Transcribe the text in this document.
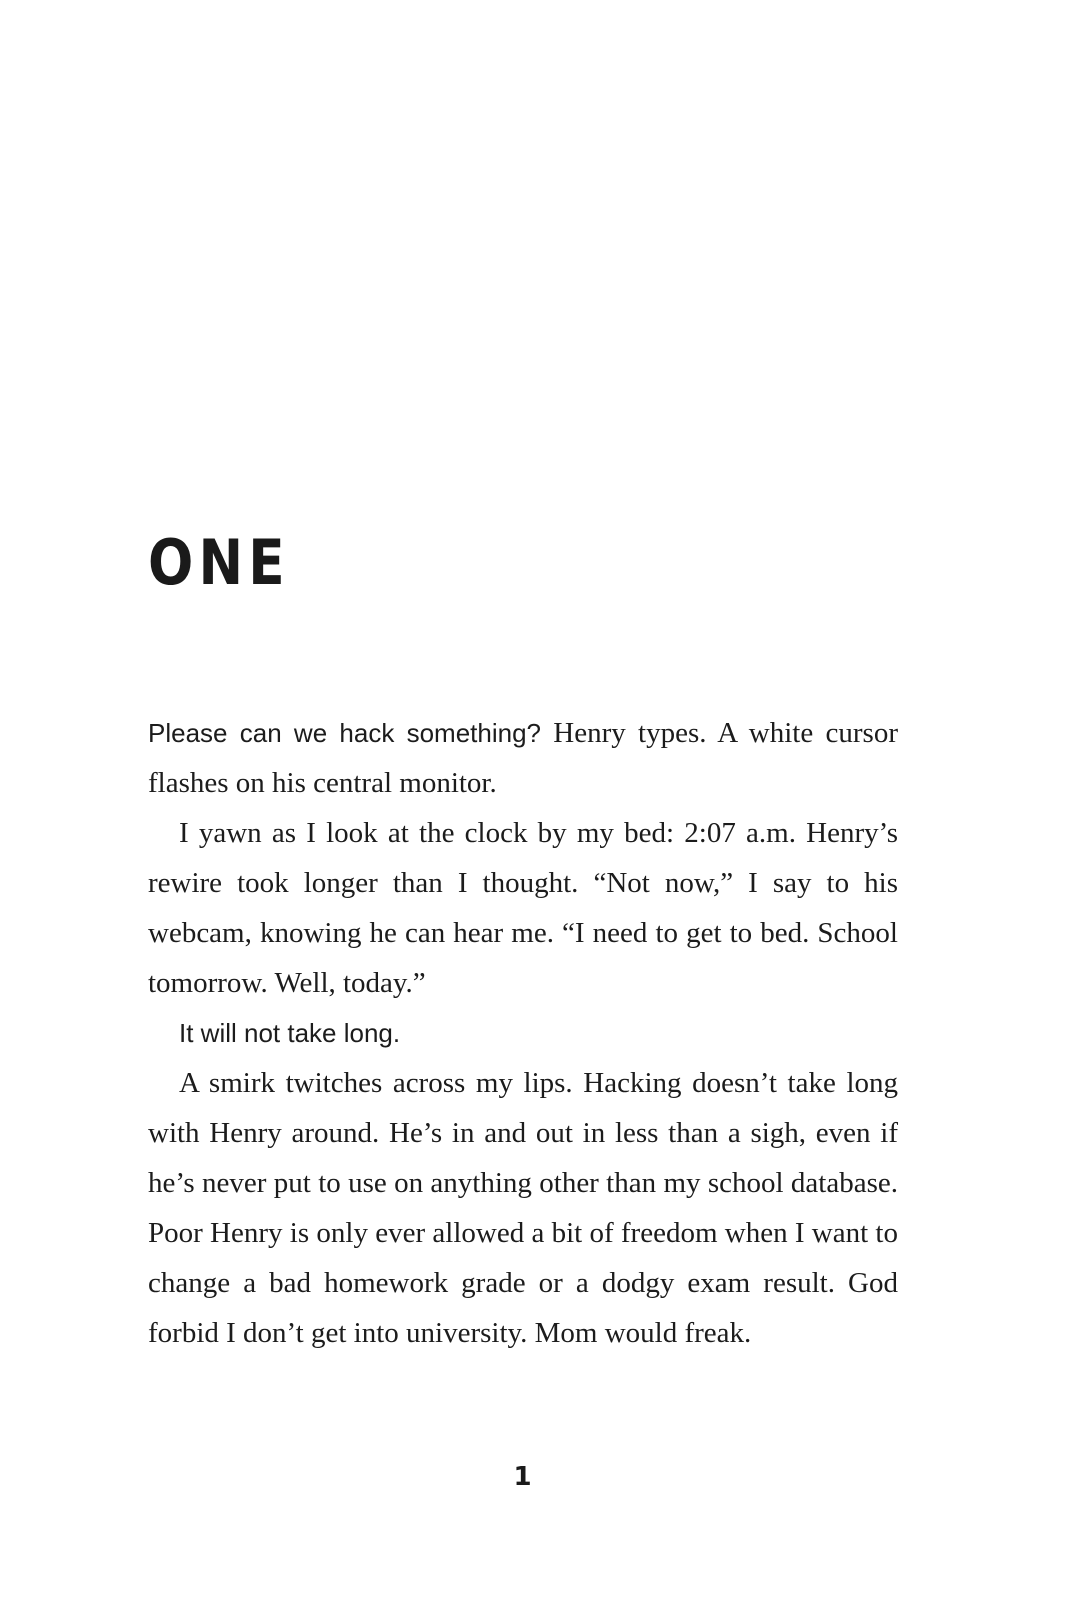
ONE

Please can we hack something? Henry types. A white cursor flashes on his central monitor.

I yawn as I look at the clock by my bed: 2:07 a.m. Henry’s rewire took longer than I thought. “Not now,” I say to his webcam, knowing he can hear me. “I need to get to bed. School tomorrow. Well, today.”

It will not take long.

A smirk twitches across my lips. Hacking doesn’t take long with Henry around. He’s in and out in less than a sigh, even if he’s never put to use on anything other than my school database. Poor Henry is only ever allowed a bit of freedom when I want to change a bad homework grade or a dodgy exam result. God forbid I don’t get into university. Mom would freak.

1
